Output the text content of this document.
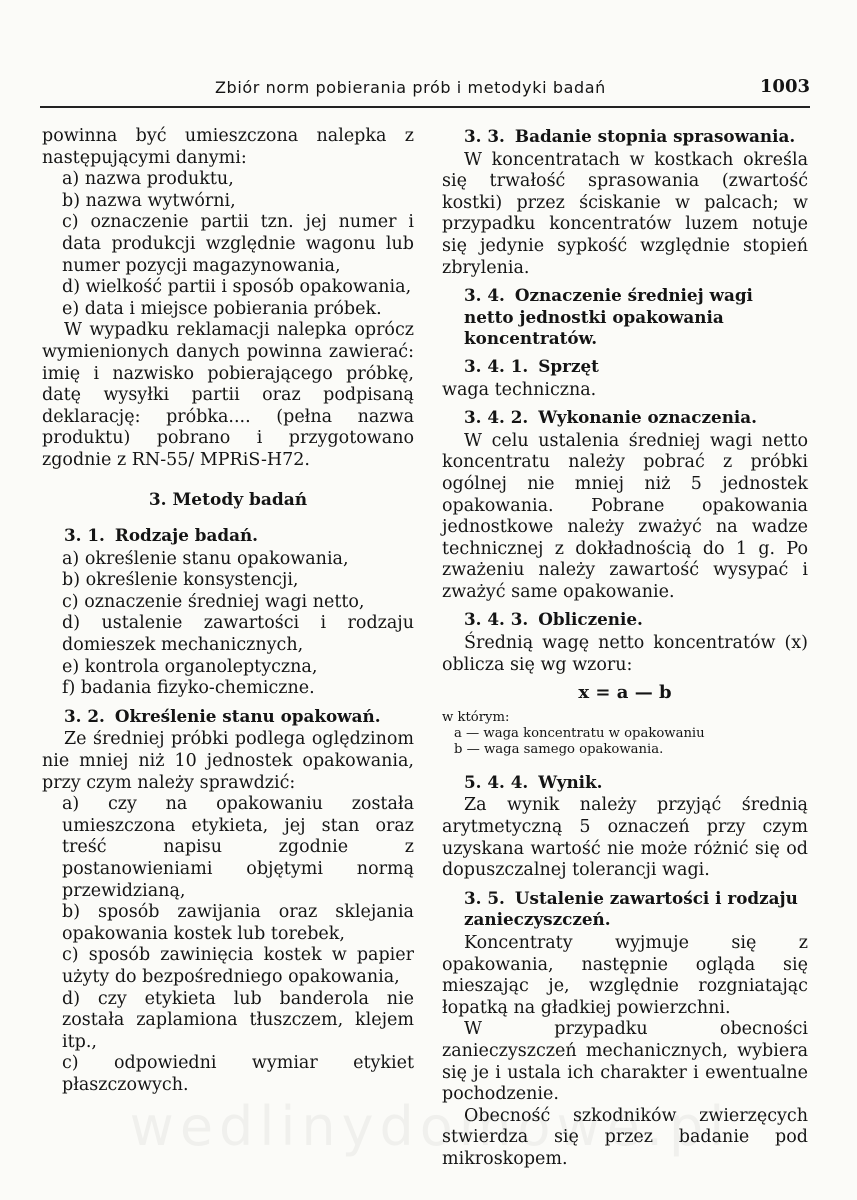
Zbiór norm pobierania prób i metodyki badań	1003

powinna być umieszczona nalepka z następującymi danymi:

a) nazwa produktu,

b) nazwa wytwórni,

c) oznaczenie partii tzn. jej numer i data produkcji względnie wagonu lub numer pozycji magazynowania,

d) wielkość partii i sposób opakowania,

e) data i miejsce pobierania próbek.

W wypadku reklamacji nalepka oprócz wymienionych danych powinna zawierać: imię i nazwisko pobierającego próbkę, datę wysyłki partii oraz podpisaną deklarację: próbka.... (pełna nazwa produktu) pobrano i przygotowano zgodnie z RN-55/ MPRiS-H72.

3. Metody badań
3. 1. Rodzaje badań.

a) określenie stanu opakowania,

b) określenie konsystencji,

c) oznaczenie średniej wagi netto,

d) ustalenie zawartości i rodzaju domieszek mechanicznych,

e) kontrola organoleptyczna,

f) badania fizyko-chemiczne.

3. 2. Określenie stanu opakowań.

Ze średniej próbki podlega oględzinom nie mniej niż 10 jednostek opakowania, przy czym należy sprawdzić:

a) czy na opakowaniu została umieszczona etykieta, jej stan oraz treść napisu zgodnie z postanowieniami objętymi normą przewidzianą,

b) sposób zawijania oraz sklejania opakowania kostek lub torebek,

c) sposób zawinięcia kostek w papier użyty do bezpośredniego opakowania,

d) czy etykieta lub banderola nie została zaplamiona tłuszczem, klejem itp.,

c) odpowiedni wymiar etykiet płaszczowych.

3. 3. Badanie stopnia sprasowania.

W koncentratach w kostkach określa się trwałość sprasowania (zwartość kostki) przez ściskanie w palcach; w przypadku koncentratów luzem notuje się jedynie sypkość względnie stopień zbrylenia.

3. 4. Oznaczenie średniej wagi netto jednostki opakowania koncentratów.
3. 4. 1. Sprzęt

waga techniczna.

3. 4. 2. Wykonanie oznaczenia.

W celu ustalenia średniej wagi netto koncentratu należy pobrać z próbki ogólnej nie mniej niż 5 jednostek opakowania. Pobrane opakowania jednostkowe należy zważyć na wadze technicznej z dokładnością do 1 g. Po zważeniu należy zawartość wysypać i zważyć same opakowanie.

3. 4. 3. Obliczenie.

Średnią wagę netto koncentratów (x) oblicza się wg wzoru:

x = a — b
w którym:
a — waga koncentratu w opakowaniu
b — waga samego opakowania.
5. 4. 4. Wynik.

Za wynik należy przyjąć średnią arytmetyczną 5 oznaczeń przy czym uzyskana wartość nie może różnić się od dopuszczalnej tolerancji wagi.

3. 5. Ustalenie zawartości i rodzaju zanieczyszczeń.

Koncentraty wyjmuje się z opakowania, następnie ogląda się mieszając je, względnie rozgniatając łopatką na gładkiej powierzchni.

W przypadku obecności zanieczyszczeń mechanicznych, wybiera się je i ustala ich charakter i ewentualne pochodzenie.

Obecność szkodników zwierzęcych stwierdza się przez badanie pod mikroskopem.
